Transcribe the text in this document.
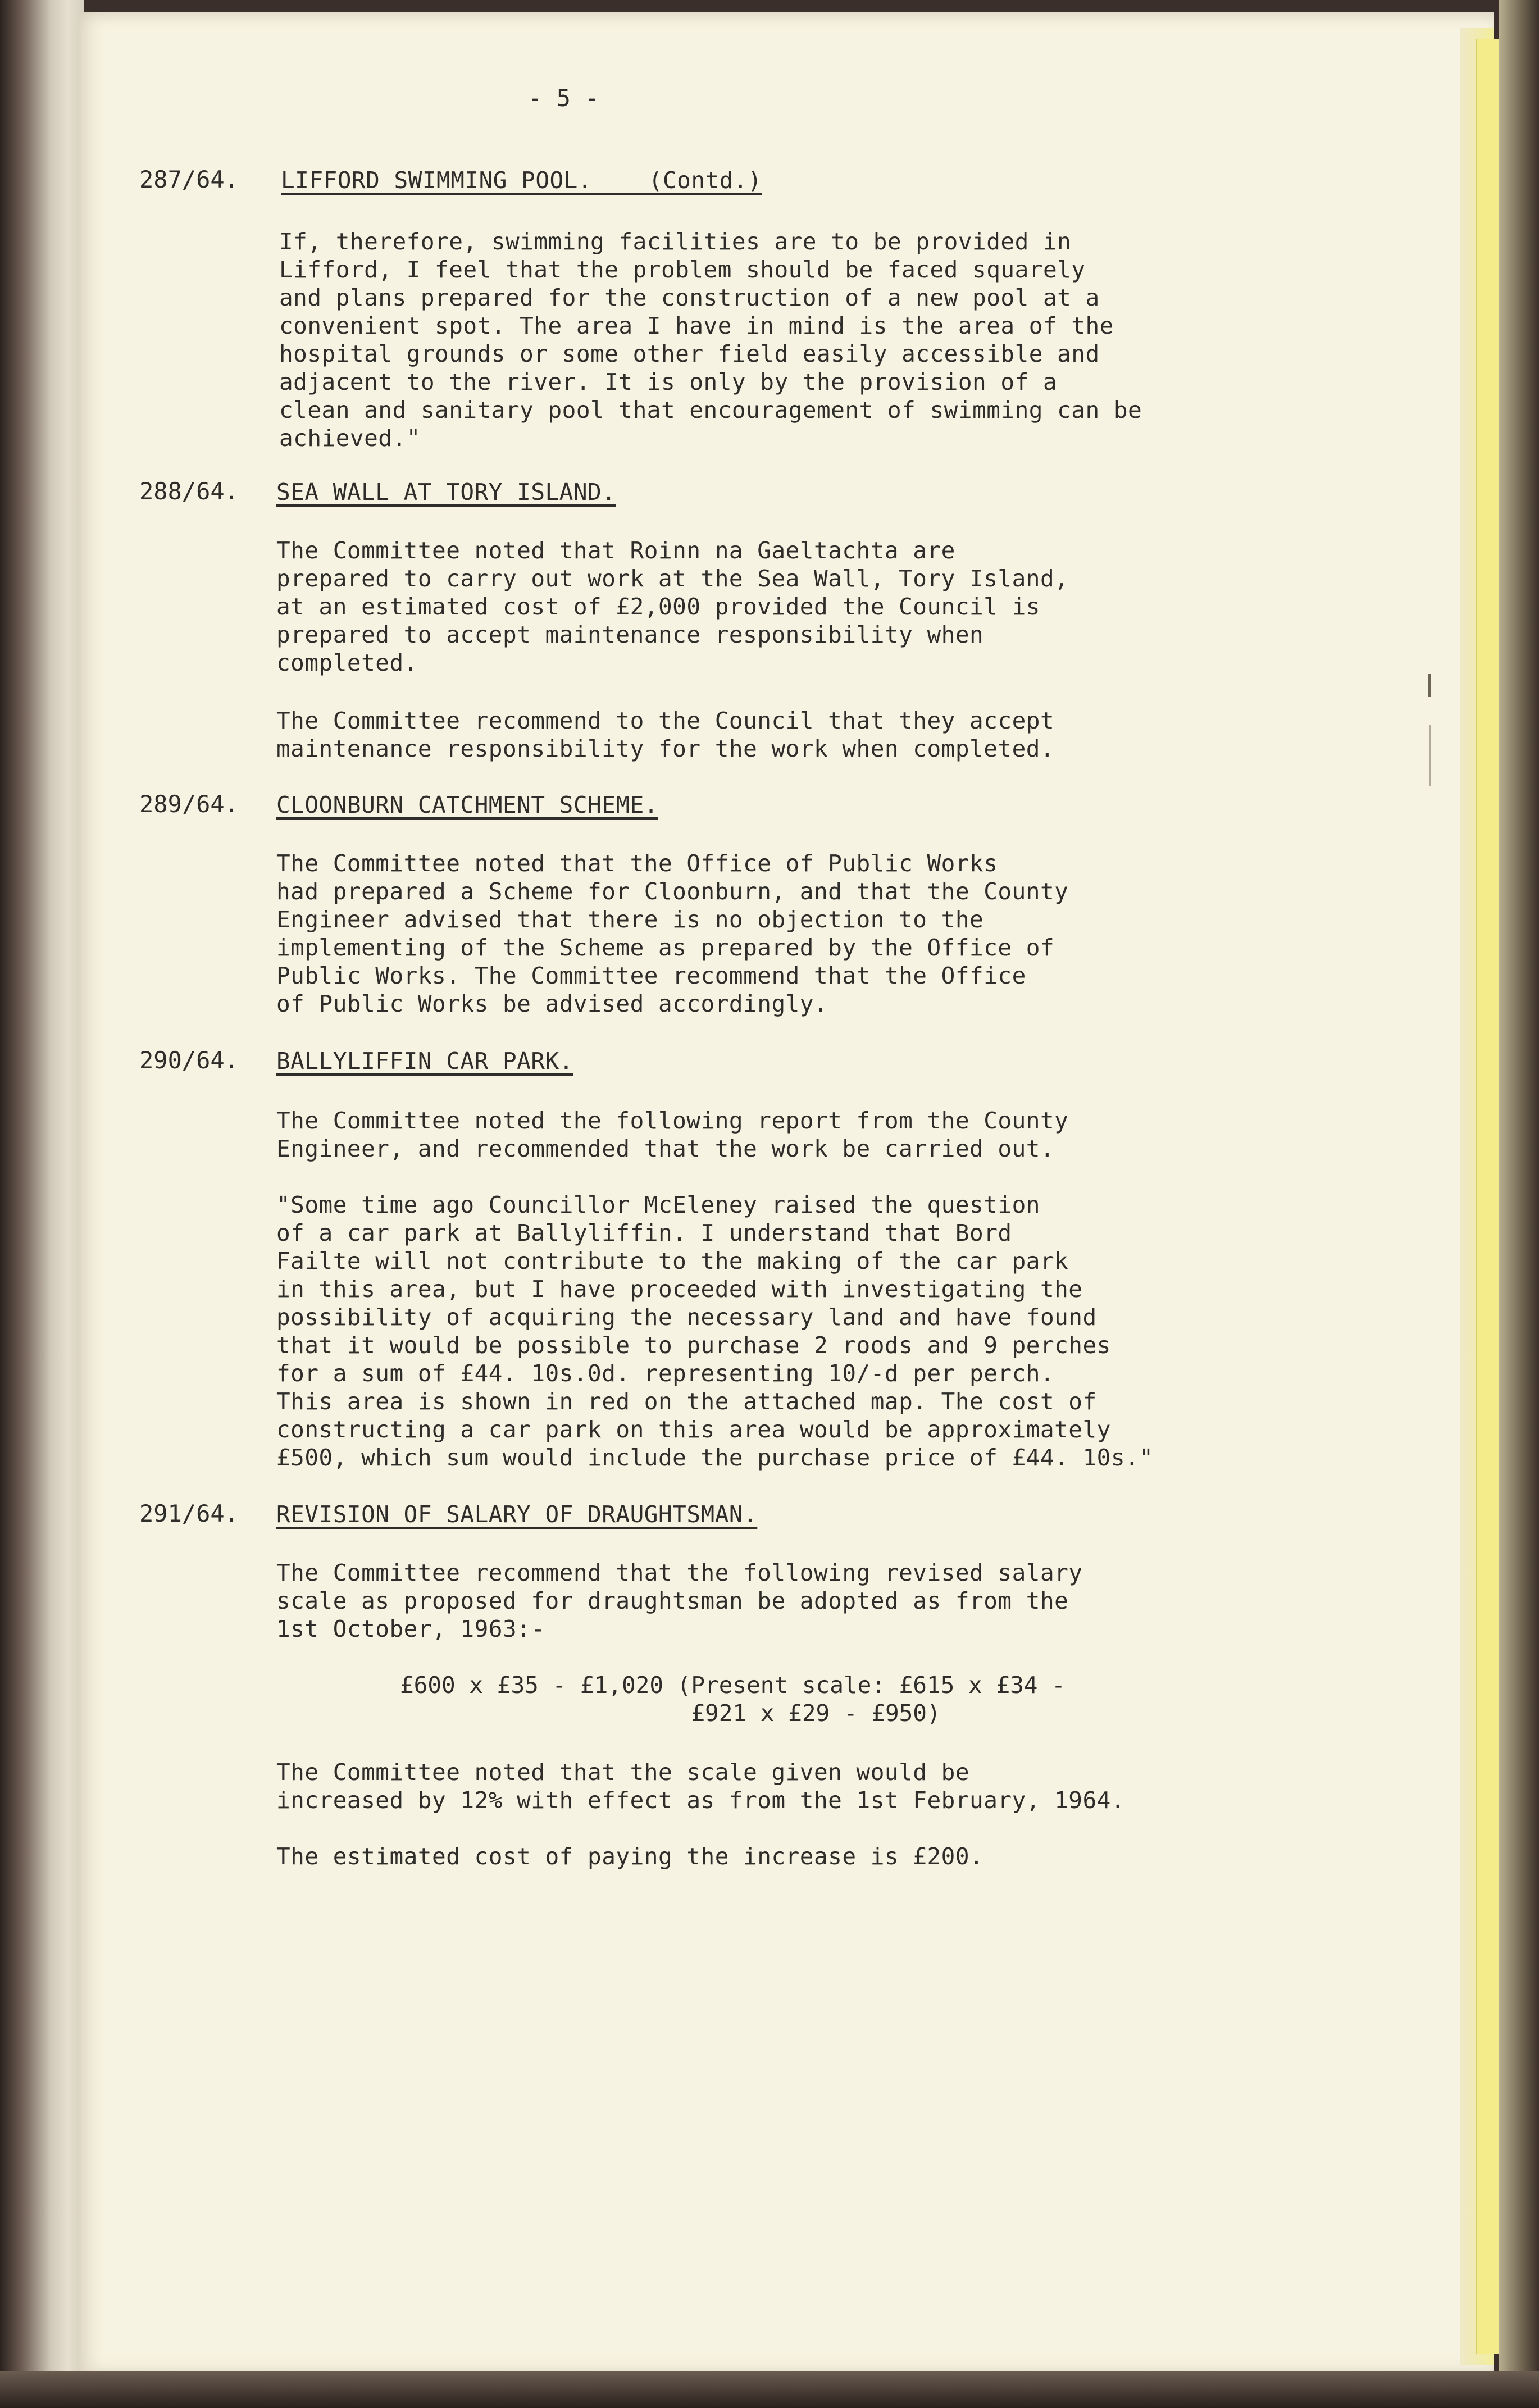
- 5 -
287/64. LIFFORD SWIMMING POOL.    (Contd.)
If, therefore, swimming facilities are to be provided in
Lifford, I feel that the problem should be faced squarely
and plans prepared for the construction of a new pool at a
convenient spot. The area I have in mind is the area of the
hospital grounds or some other field easily accessible and
adjacent to the river. It is only by the provision of a
clean and sanitary pool that encouragement of swimming can be
achieved."
288/64. SEA WALL AT TORY ISLAND.
The Committee noted that Roinn na Gaeltachta are
prepared to carry out work at the Sea Wall, Tory Island,
at an estimated cost of £2,000 provided the Council is
prepared to accept maintenance responsibility when
completed.
The Committee recommend to the Council that they accept
maintenance responsibility for the work when completed.
289/64. CLOONBURN CATCHMENT SCHEME.
The Committee noted that the Office of Public Works
had prepared a Scheme for Cloonburn, and that the County
Engineer advised that there is no objection to the
implementing of the Scheme as prepared by the Office of
Public Works. The Committee recommend that the Office
of Public Works be advised accordingly.
290/64. BALLYLIFFIN CAR PARK.
The Committee noted the following report from the County
Engineer, and recommended that the work be carried out.
"Some time ago Councillor McEleney raised the question
of a car park at Ballyliffin. I understand that Bord
Failte will not contribute to the making of the car park
in this area, but I have proceeded with investigating the
possibility of acquiring the necessary land and have found
that it would be possible to purchase 2 roods and 9 perches
for a sum of £44. 10s.0d. representing 10/-d per perch.
This area is shown in red on the attached map. The cost of
constructing a car park on this area would be approximately
£500, which sum would include the purchase price of £44. 10s."
291/64. REVISION OF SALARY OF DRAUGHTSMAN.
The Committee recommend that the following revised salary
scale as proposed for draughtsman be adopted as from the
1st October, 1963:-
£600 x £35 - £1,020 (Present scale: £615 x £34 -
£921 x £29 - £950)
The Committee noted that the scale given would be
increased by 12% with effect as from the 1st February, 1964.
The estimated cost of paying the increase is £200.
